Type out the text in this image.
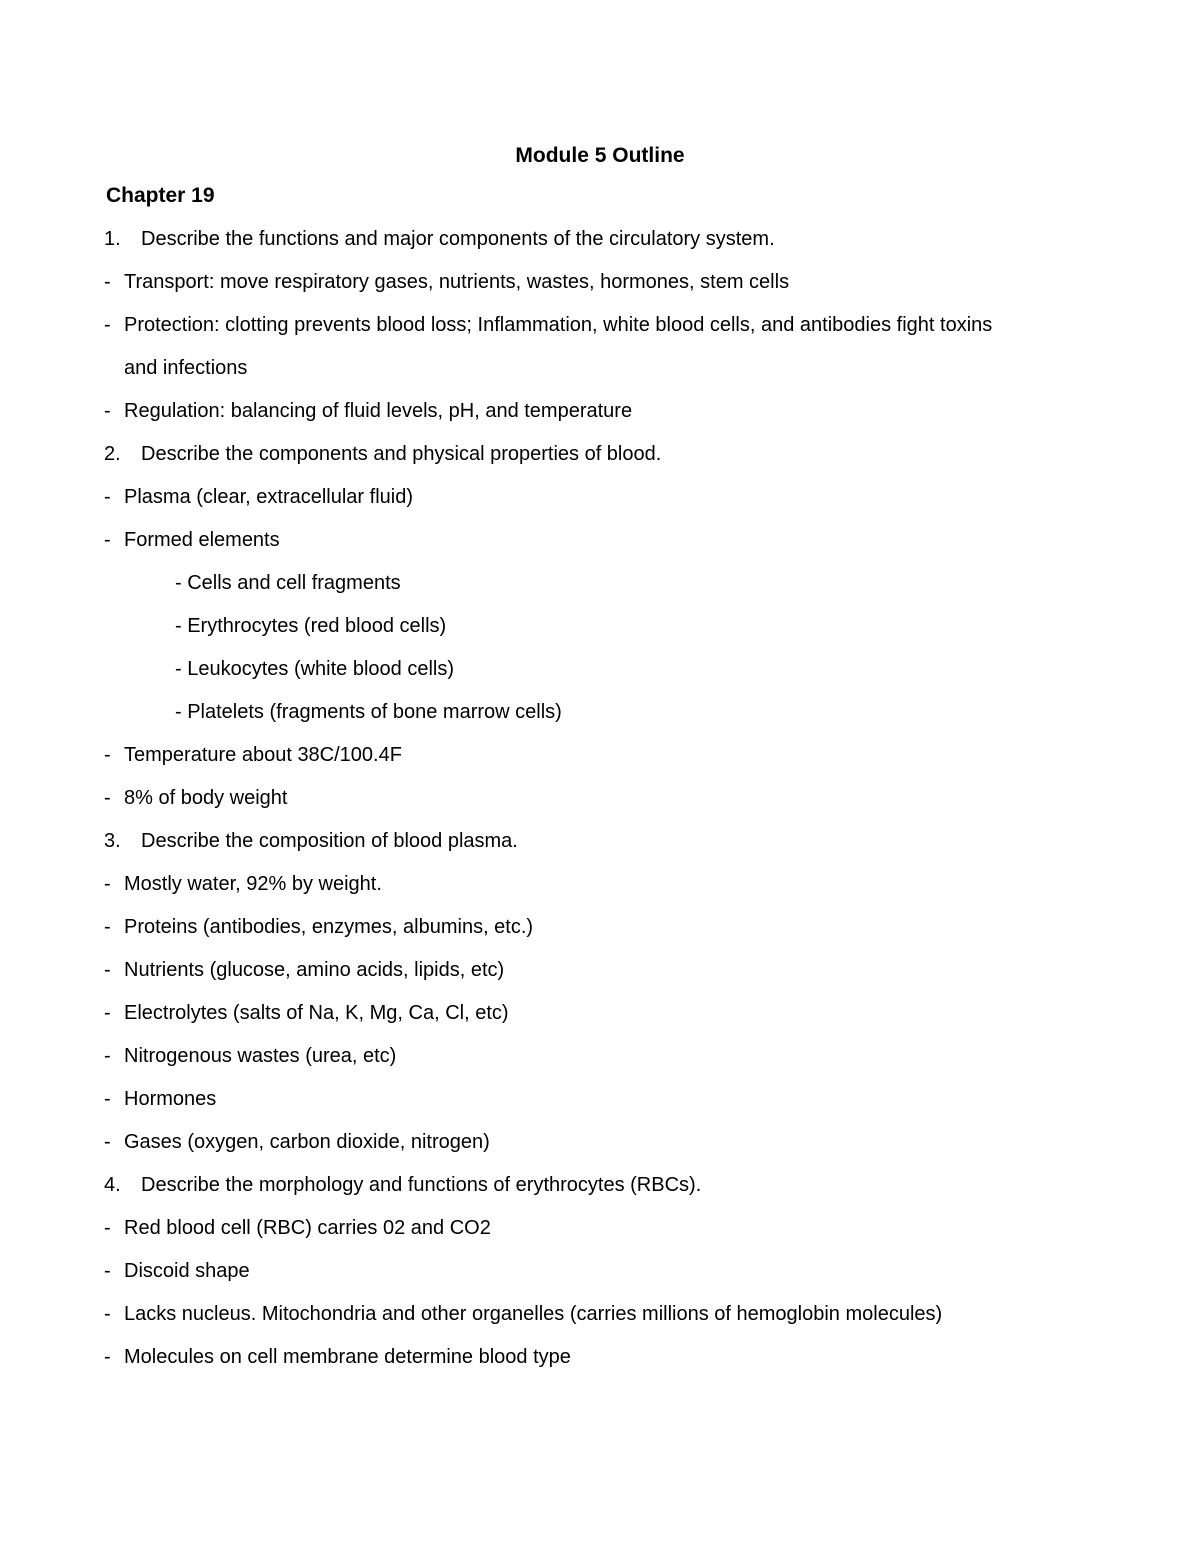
Module 5 Outline
Chapter 19
1. Describe the functions and major components of the circulatory system.
- Transport: move respiratory gases, nutrients, wastes, hormones, stem cells
- Protection: clotting prevents blood loss; Inflammation, white blood cells, and antibodies fight toxins
and infections
- Regulation: balancing of fluid levels, pH, and temperature
2. Describe the components and physical properties of blood.
- Plasma (clear, extracellular fluid)
- Formed elements
- Cells and cell fragments
- Erythrocytes (red blood cells)
- Leukocytes (white blood cells)
- Platelets (fragments of bone marrow cells)
- Temperature about 38C/100.4F
- 8% of body weight
3. Describe the composition of blood plasma.
- Mostly water, 92% by weight.
- Proteins (antibodies, enzymes, albumins, etc.)
- Nutrients (glucose, amino acids, lipids, etc)
- Electrolytes (salts of Na, K, Mg, Ca, Cl, etc)
- Nitrogenous wastes (urea, etc)
- Hormones
- Gases (oxygen, carbon dioxide, nitrogen)
4. Describe the morphology and functions of erythrocytes (RBCs).
- Red blood cell (RBC) carries 02 and CO2
- Discoid shape
- Lacks nucleus. Mitochondria and other organelles (carries millions of hemoglobin molecules)
- Molecules on cell membrane determine blood type
